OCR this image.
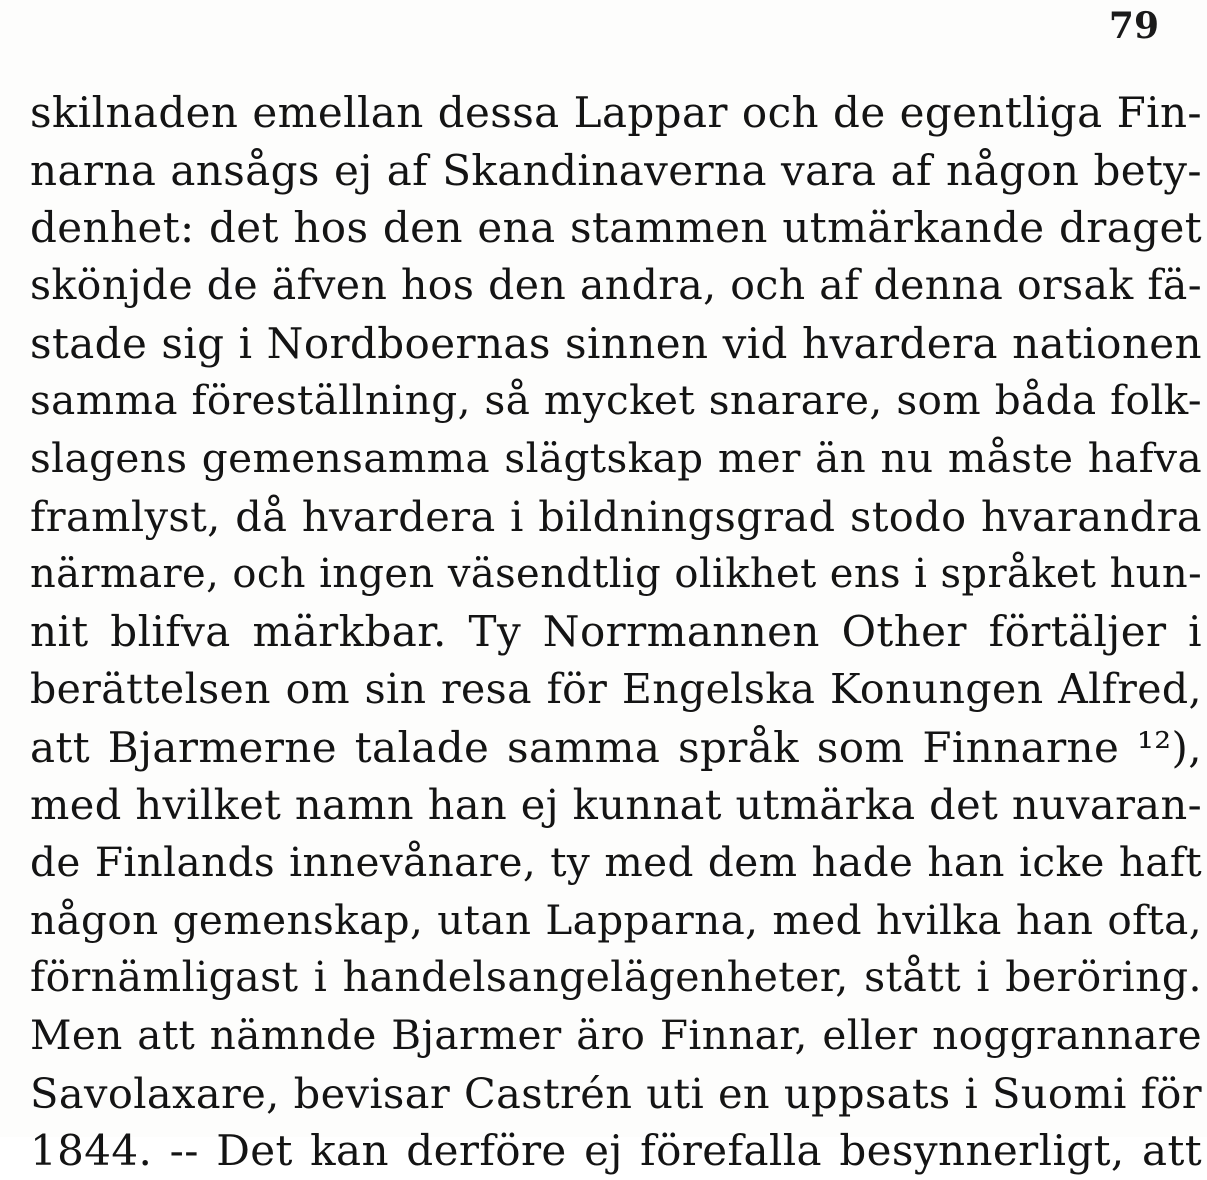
79
skilnaden emellan dessa Lappar och de egentliga Fin-
narna ansågs ej af Skandinaverna vara af någon bety-
denhet: det hos den ena stammen utmärkande draget
skönjde de äfven hos den andra, och af denna orsak fä-
stade sig i Nordboernas sinnen vid hvardera nationen
samma föreställning, så mycket snarare, som båda folk-
slagens gemensamma slägtskap mer än nu måste hafva
framlyst, då hvardera i bildningsgrad stodo hvarandra
närmare, och ingen väsendtlig olikhet ens i språket hun-
nit blifva märkbar. Ty Norrmannen Other förtäljer i
berättelsen om sin resa för Engelska Konungen Alfred,
att Bjarmerne talade samma språk som Finnarne ¹²),
med hvilket namn han ej kunnat utmärka det nuvaran-
de Finlands innevånare, ty med dem hade han icke haft
någon gemenskap, utan Lapparna, med hvilka han ofta,
förnämligast i handelsangelägenheter, stått i beröring.
Men att nämnde Bjarmer äro Finnar, eller noggrannare
Savolaxare, bevisar Castrén uti en uppsats i Suomi för
1844. -- Det kan derföre ej förefalla besynnerligt, att
